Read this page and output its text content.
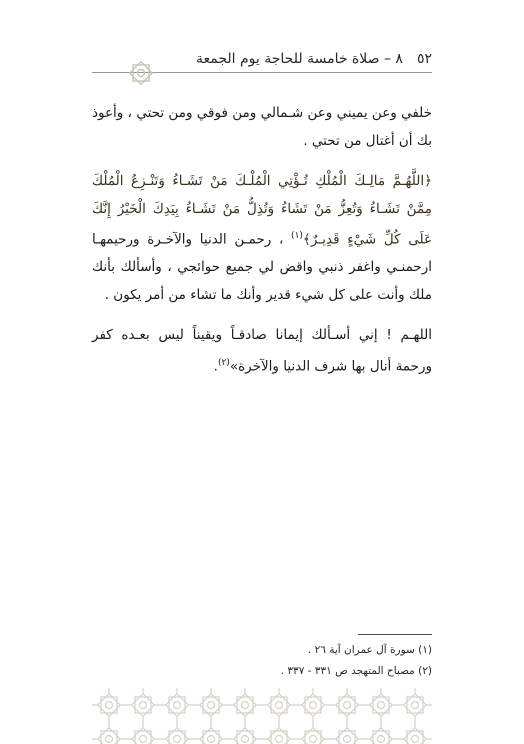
٥٢
٨ – صلاة خامسة للحاجة يوم الجمعة

خلفي وعن يميني وعن شـمالي ومن فوقي ومن تحتي ، وأعوذ بك أن أغتال من تحتي .

﴿اللَّهُـمَّ مَالِـكَ الْمُلْكِ تُـؤْتِي الْمُلْـكَ مَنْ تَشَـاءُ وَتَنْـزِعُ الْمُلْكَ مِمَّنْ تَشَـاءُ وَتُعِزُّ مَنْ تَشَاءُ وَتُذِلُّ مَنْ تَشَـاءُ بِيَدِكَ الْخَيْرُ إِنَّكَ عَلَى كُلِّ شَيْءٍ قَدِيـرٌ﴾$^{(١)}$ ، رحمـن الدنيا والآخـرة ورحيمهـا ارحمنـي واغفر ذنبي واقض لي جميع حوائجي ، وأسألك بأنك ملك وأنت على كل شيء قدير وأنك ما تشاء من أمر يكون .

اللهـم ! إني أسـألك إيمانا صادقـاً ويقيناً ليس بعـده كفر ورحمة أنال بها شرف الدنيا والآخرة»$^{(٢)}$.

(١) سورة آل عمران آية ٢٦ .
(٢) مصباح المتهجد ص ٣٣١ - ٣٣٧ .
